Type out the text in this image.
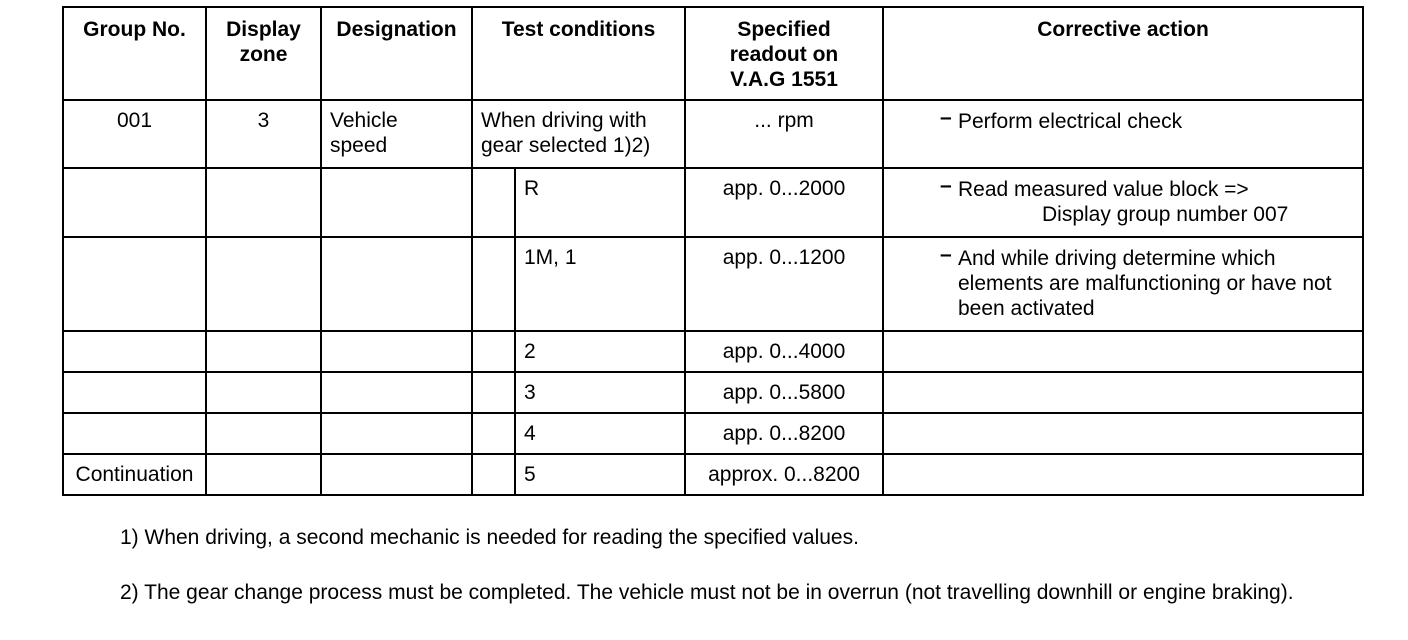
Group No.	Display zone	Designation	Test conditions		Specified readout on V.A.G 1551	Corrective action
001	3	Vehicle speed	When driving with gear selected 1)2)		... rpm	– Perform electrical check

				R	app. 0...2000	– Read measured value block =>
Display group number 007

				1M, 1	app. 0...1200	– And while driving determine which elements are malfunctioning or have not been activated

				2	app. 0...4000	
				3	app. 0...5800	
				4	app. 0...8200	
Continuation				5	approx. 0...8200	
1) When driving, a second mechanic is needed for reading the specified values.
2) The gear change process must be completed. The vehicle must not be in overrun (not travelling downhill or engine braking).
